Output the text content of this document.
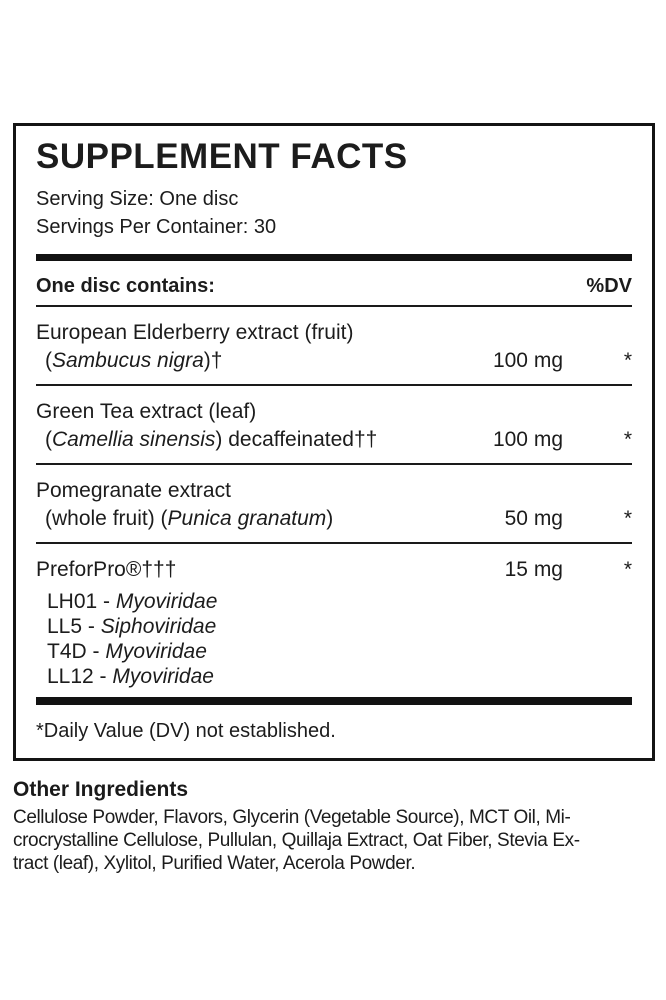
SUPPLEMENT FACTS
Serving Size: One disc
Servings Per Container: 30
One disc contains:	%DV
European Elderberry extract (fruit)
(Sambucus nigra)†	100 mg	*
Green Tea extract (leaf)
(Camellia sinensis) decaffeinated††	100 mg	*
Pomegranate extract
(whole fruit) (Punica granatum)	50 mg	*
PreforPro®†††	15 mg	*
LH01 - Myoviridae
LL5 - Siphoviridae
T4D - Myoviridae
LL12 - Myoviridae
*Daily Value (DV) not established.
Other Ingredients
Cellulose Powder, Flavors, Glycerin (Vegetable Source), MCT Oil, Mi-
crocrystalline Cellulose, Pullulan, Quillaja Extract, Oat Fiber, Stevia Ex-
tract (leaf), Xylitol, Purified Water, Acerola Powder.
